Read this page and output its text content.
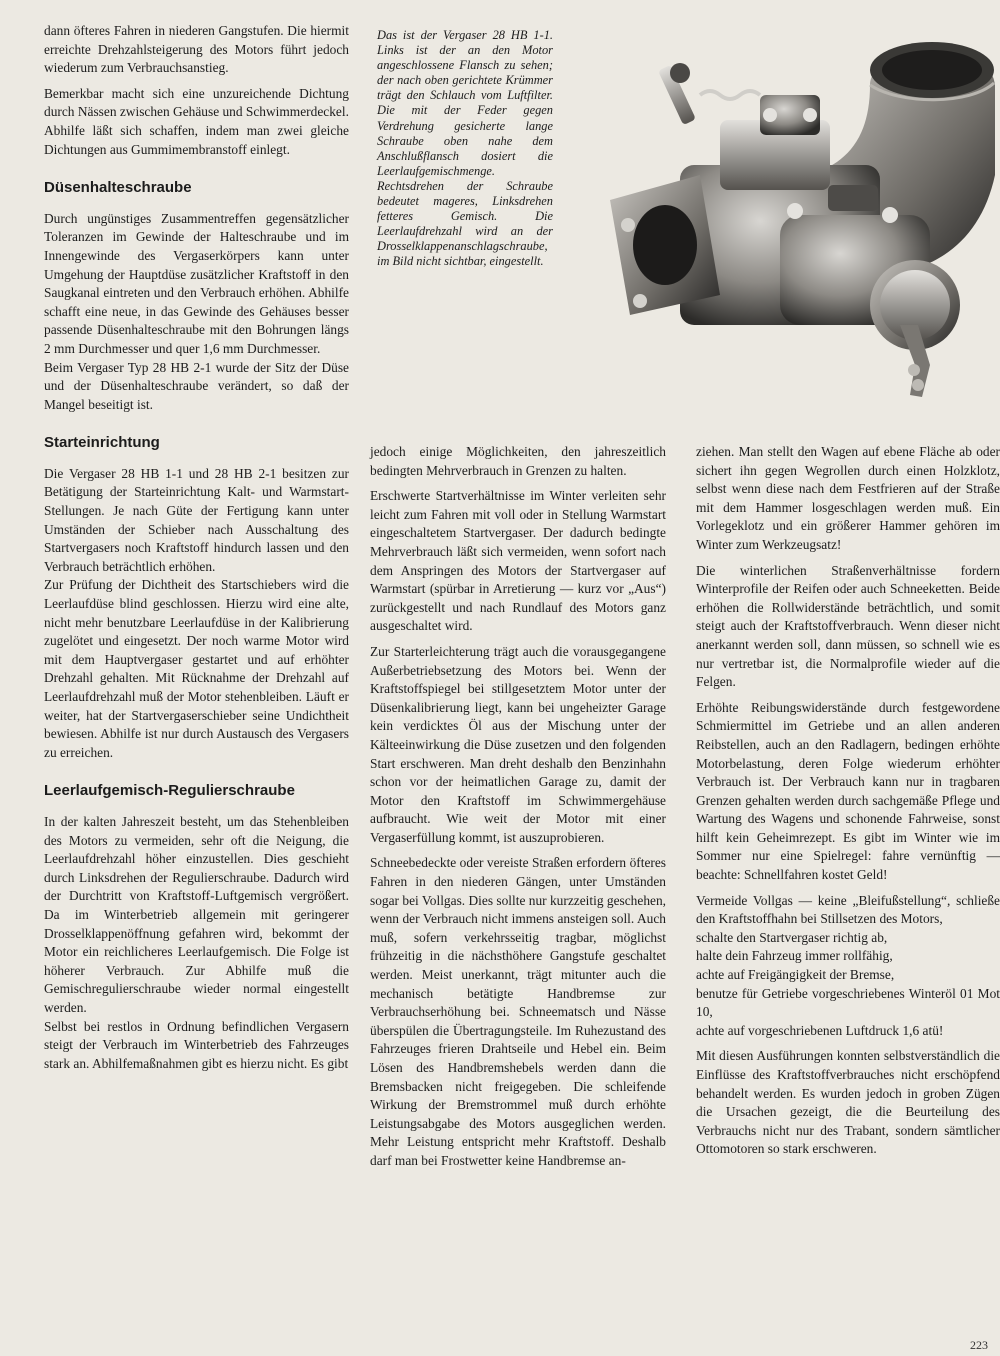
dann öfteres Fahren in niederen Gangstufen. Die hiermit erreichte Drehzahlsteigerung des Motors führt jedoch wiederum zum Verbrauchsanstieg.

Bemerkbar macht sich eine unzureichende Dichtung durch Nässen zwischen Gehäuse und Schwimmerdeckel.

Abhilfe läßt sich schaffen, indem man zwei gleiche Dichtungen aus Gummimembranstoff einlegt.

Düsenhalteschraube

Durch ungünstiges Zusammentreffen gegensätzlicher Toleranzen im Gewinde der Halteschraube und im Innengewinde des Vergaserkörpers kann unter Umgehung der Hauptdüse zusätzlicher Kraftstoff in den Saugkanal eintreten und den Verbrauch erhöhen. Abhilfe schafft eine neue, in das Gewinde des Gehäuses besser passende Düsenhalteschraube mit den Bohrungen längs 2 mm Durchmesser und quer 1,6 mm Durchmesser.

Beim Vergaser Typ 28 HB 2-1 wurde der Sitz der Düse und der Düsenhalteschraube verändert, so daß der Mangel beseitigt ist.

Starteinrichtung

Die Vergaser 28 HB 1-1 und 28 HB 2-1 besitzen zur Betätigung der Starteinrichtung Kalt- und Warmstart-Stellungen. Je nach Güte der Fertigung kann unter Umständen der Schieber nach Ausschaltung des Startvergasers noch Kraftstoff hindurch lassen und den Verbrauch beträchtlich erhöhen.

Zur Prüfung der Dichtheit des Startschiebers wird die Leerlaufdüse blind geschlossen. Hierzu wird eine alte, nicht mehr benutzbare Leerlaufdüse in der Kalibrierung zugelötet und eingesetzt. Der noch warme Motor wird mit dem Hauptvergaser gestartet und auf erhöhter Drehzahl gehalten. Mit Rücknahme der Drehzahl auf Leerlaufdrehzahl muß der Motor stehenbleiben. Läuft er weiter, hat der Startvergaserschieber seine Undichtheit bewiesen. Abhilfe ist nur durch Austausch des Vergasers zu erreichen.

Leerlaufgemisch-Regulierschraube

In der kalten Jahreszeit besteht, um das Stehenbleiben des Motors zu vermeiden, sehr oft die Neigung, die Leerlaufdrehzahl höher einzustellen. Dies geschieht durch Linksdrehen der Regulierschraube. Dadurch wird der Durchtritt von Kraftstoff-Luftgemisch vergrößert. Da im Winterbetrieb allgemein mit geringerer Drosselklappenöffnung gefahren wird, bekommt der Motor ein reichlicheres Leerlaufgemisch. Die Folge ist höherer Verbrauch. Zur Abhilfe muß die Gemischregulierschraube wieder normal eingestellt werden.

Selbst bei restlos in Ordnung befindlichen Vergasern steigt der Verbrauch im Winterbetrieb des Fahrzeuges stark an. Abhilfemaßnahmen gibt es hierzu nicht. Es gibt

Das ist der Vergaser 28 HB 1-1. Links ist der an den Motor angeschlossene Flansch zu sehen; der nach oben gerichtete Krümmer trägt den Schlauch vom Luftfilter. Die mit der Feder gegen Verdrehung gesicherte lange Schraube oben nahe dem Anschlußflansch dosiert die Leerlaufgemischmenge. Rechtsdrehen der Schraube bedeutet mageres, Linksdrehen fetteres Gemisch. Die Leerlaufdrehzahl wird an der Drosselklappenanschlagschraube, im Bild nicht sichtbar, eingestellt.

jedoch einige Möglichkeiten, den jahreszeitlich bedingten Mehrverbrauch in Grenzen zu halten.

Erschwerte Startverhältnisse im Winter verleiten sehr leicht zum Fahren mit voll oder in Stellung Warmstart eingeschaltetem Startvergaser. Der dadurch bedingte Mehrverbrauch läßt sich vermeiden, wenn sofort nach dem Anspringen des Motors der Startvergaser auf Warmstart (spürbar in Arretierung — kurz vor „Aus“) zurückgestellt und nach Rundlauf des Motors ganz ausgeschaltet wird.

Zur Starterleichterung trägt auch die vorausgegangene Außerbetriebsetzung des Motors bei. Wenn der Kraftstoffspiegel bei stillgesetztem Motor unter der Düsenkalibrierung liegt, kann bei ungeheizter Garage kein verdicktes Öl aus der Mischung unter der Kälteeinwirkung die Düse zusetzen und den folgenden Start erschweren. Man dreht deshalb den Benzinhahn schon vor der heimatlichen Garage zu, damit der Motor den Kraftstoff im Schwimmergehäuse aufbraucht. Wie weit der Motor mit einer Vergaserfüllung kommt, ist auszuprobieren.

Schneebedeckte oder vereiste Straßen erfordern öfteres Fahren in den niederen Gängen, unter Umständen sogar bei Vollgas. Dies sollte nur kurzzeitig geschehen, wenn der Verbrauch nicht immens ansteigen soll. Auch muß, sofern verkehrsseitig tragbar, möglichst frühzeitig in die nächsthöhere Gangstufe geschaltet werden. Meist unerkannt, trägt mitunter auch die mechanisch betätigte Handbremse zur Verbrauchserhöhung bei. Schneematsch und Nässe überspülen die Übertragungsteile. Im Ruhezustand des Fahrzeuges frieren Drahtseile und Hebel ein. Beim Lösen des Handbremshebels werden dann die Bremsbacken nicht freigegeben. Die schleifende Wirkung der Bremstrommel muß durch erhöhte Leistungsabgabe des Motors ausgeglichen werden. Mehr Leistung entspricht mehr Kraftstoff. Deshalb darf man bei Frostwetter keine Handbremse an-

ziehen. Man stellt den Wagen auf ebene Fläche ab oder sichert ihn gegen Wegrollen durch einen Holzklotz, selbst wenn diese nach dem Festfrieren auf der Straße mit dem Hammer losgeschlagen werden muß. Ein Vorlegeklotz und ein größerer Hammer gehören im Winter zum Werkzeugsatz!

Die winterlichen Straßenverhältnisse fordern Winterprofile der Reifen oder auch Schneeketten. Beide erhöhen die Rollwiderstände beträchtlich, und somit steigt auch der Kraftstoffverbrauch. Wenn dieser nicht anerkannt werden soll, dann müssen, so schnell wie es nur vertretbar ist, die Normalprofile wieder auf die Felgen.

Erhöhte Reibungswiderstände durch festgewordene Schmiermittel im Getriebe und an allen anderen Reibstellen, auch an den Radlagern, bedingen erhöhte Motorbelastung, deren Folge wiederum erhöhter Verbrauch ist. Der Verbrauch kann nur in tragbaren Grenzen gehalten werden durch sachgemäße Pflege und Wartung des Wagens und schonende Fahrweise, sonst hilft kein Geheimrezept. Es gibt im Winter wie im Sommer nur eine Spielregel: fahre vernünftig — beachte: Schnellfahren kostet Geld!

Vermeide Vollgas — keine „Bleifußstellung“, schließe den Kraftstoffhahn bei Stillsetzen des Motors,

schalte den Startvergaser richtig ab,
halte dein Fahrzeug immer rollfähig,
achte auf Freigängigkeit der Bremse,
benutze für Getriebe vorgeschriebenes Winteröl 01 Mot 10,
achte auf vorgeschriebenen Luftdruck 1,6 atü!

Mit diesen Ausführungen konnten selbstverständlich die Einflüsse des Kraftstoffverbrauches nicht erschöpfend behandelt werden. Es wurden jedoch in groben Zügen die Ursachen gezeigt, die die Beurteilung des Verbrauchs nicht nur des Trabant, sondern sämtlicher Ottomotoren so stark erschweren.

223
